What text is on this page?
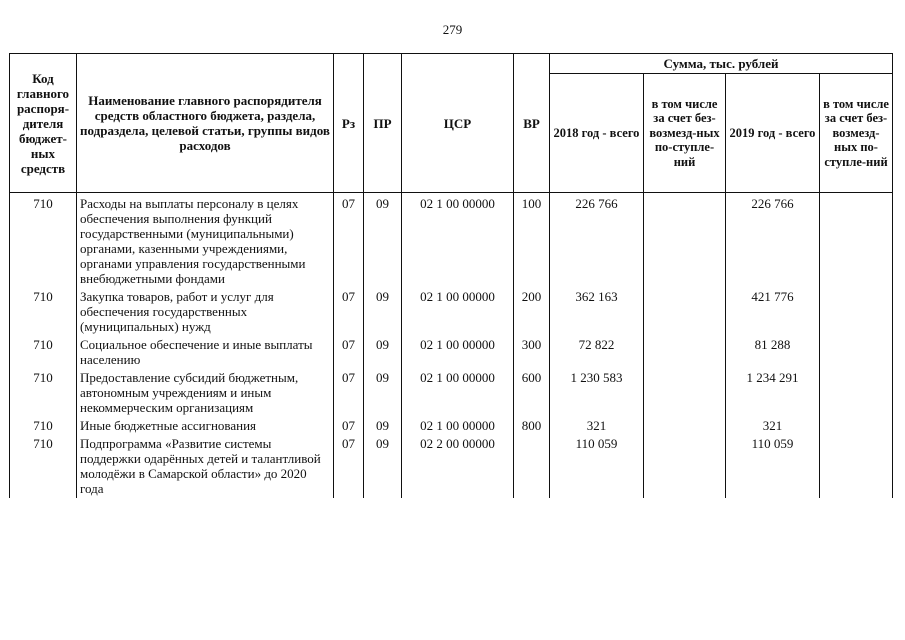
279
Код главного распоря-дителя бюджет-ных средств	Наименование главного распорядителя средств областного бюджета, раздела, подраздела, целевой статьи, группы видов расходов	Рз	ПР	ЦСР	ВР	Сумма, тыс. рублей			
						2018 год - всего	в том числе за счет без-возмезд-ных по-ступле-ний	2019 год - всего	в том числе за счет без-возмезд-ных по-ступле-ний
710	Расходы на выплаты персоналу в целях обеспечения выполнения функций государственными (муниципальными) органами, казенными учреждениями, органами управления государственными внебюджетными фондами	07	09	02 1 00 00000	100	226 766		226 766	
710	Закупка товаров, работ и услуг для обеспечения государственных (муниципальных) нужд	07	09	02 1 00 00000	200	362 163		421 776	
710	Социальное обеспечение и иные выплаты населению	07	09	02 1 00 00000	300	72 822		81 288	
710	Предоставление субсидий бюджетным, автономным учреждениям и иным некоммерческим организациям	07	09	02 1 00 00000	600	1 230 583		1 234 291	
710	Иные бюджетные ассигнования	07	09	02 1 00 00000	800	321		321	
710	Подпрограмма «Развитие системы поддержки одарённых детей и талантливой молодёжи в Самарской области» до 2020 года	07	09	02 2 00 00000		110 059		110 059	
